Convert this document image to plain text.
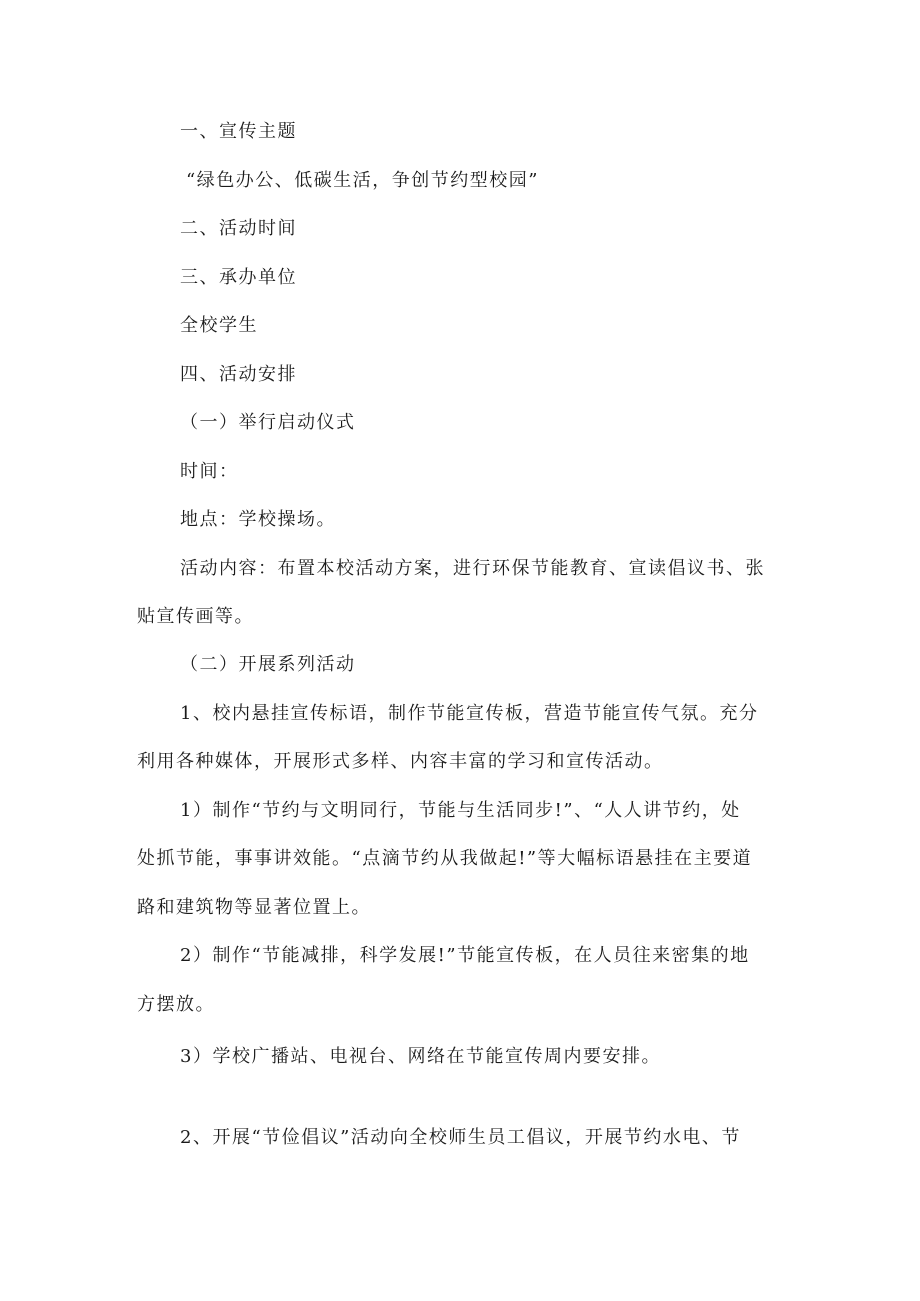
一、宣传主题
“绿色办公、低碳生活，争创节约型校园”
二、活动时间
三、承办单位
全校学生
四、活动安排
（一）举行启动仪式
时间：
地点：学校操场。
活动内容：布置本校活动方案，进行环保节能教育、宣读倡议书、张
贴宣传画等。
（二）开展系列活动
1、校内悬挂宣传标语，制作节能宣传板，营造节能宣传气氛。充分
利用各种媒体，开展形式多样、内容丰富的学习和宣传活动。
1）制作“节约与文明同行，节能与生活同步!”、“人人讲节约，处
处抓节能，事事讲效能。“点滴节约从我做起!”等大幅标语悬挂在主要道
路和建筑物等显著位置上。
2）制作“节能减排，科学发展!”节能宣传板，在人员往来密集的地
方摆放。
3）学校广播站、电视台、网络在节能宣传周内要安排。
2、开展“节俭倡议”活动向全校师生员工倡议，开展节约水电、节
